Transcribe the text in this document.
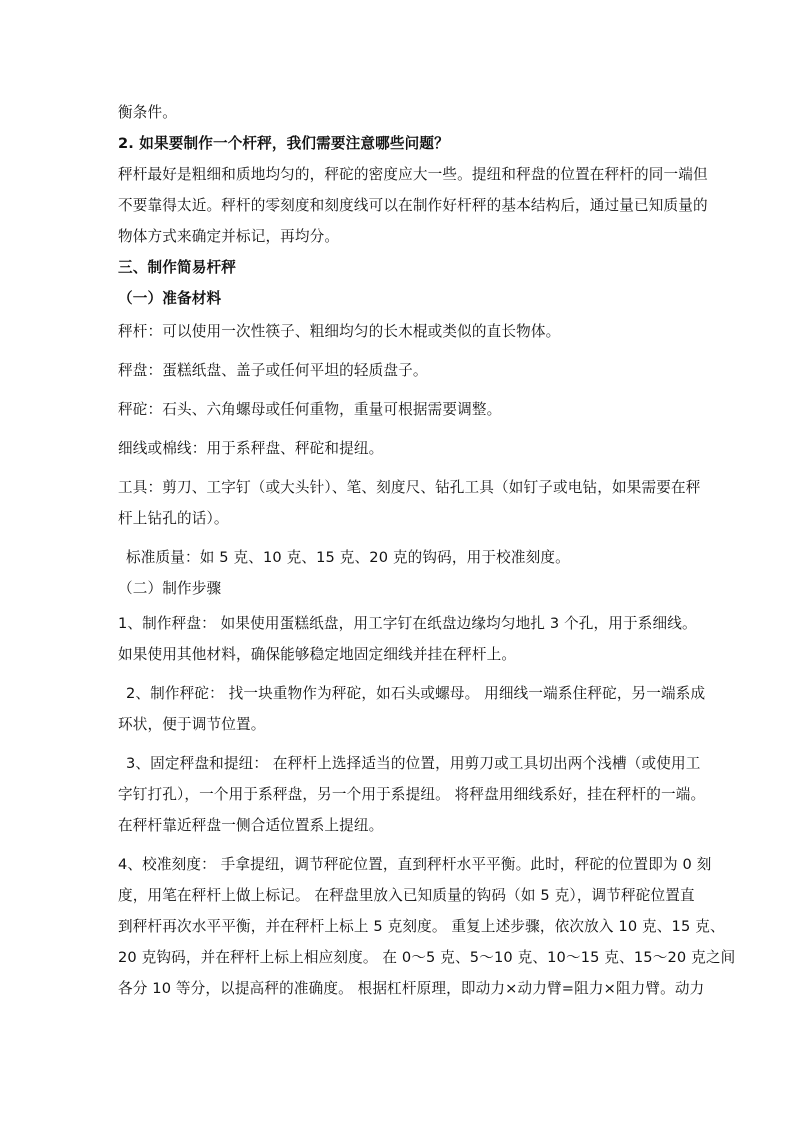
衡条件。
2. 如果要制作一个杆秤，我们需要注意哪些问题？
秤杆最好是粗细和质地均匀的，秤砣的密度应大一些。提纽和秤盘的位置在秤杆的同一端但
不要靠得太近。秤杆的零刻度和刻度线可以在制作好杆秤的基本结构后，通过量已知质量的
物体方式来确定并标记，再均分。
三、制作简易杆秤
（一）准备材料
秤杆：可以使用一次性筷子、粗细均匀的长木棍或类似的直长物体。
秤盘：蛋糕纸盘、盖子或任何平坦的轻质盘子。
秤砣：石头、六角螺母或任何重物，重量可根据需要调整。
细线或棉线：用于系秤盘、秤砣和提纽。
工具：剪刀、工字钉（或大头针）、笔、刻度尺、钻孔工具（如钉子或电钻，如果需要在秤
杆上钻孔的话）。
标准质量：如 5 克、10 克、15 克、20 克的钩码，用于校准刻度。
（二）制作步骤
1、制作秤盘： 如果使用蛋糕纸盘，用工字钉在纸盘边缘均匀地扎 3 个孔，用于系细线。
如果使用其他材料，确保能够稳定地固定细线并挂在秤杆上。
2、制作秤砣： 找一块重物作为秤砣，如石头或螺母。 用细线一端系住秤砣，另一端系成
环状，便于调节位置。
3、固定秤盘和提纽： 在秤杆上选择适当的位置，用剪刀或工具切出两个浅槽（或使用工
字钉打孔），一个用于系秤盘，另一个用于系提纽。 将秤盘用细线系好，挂在秤杆的一端。
在秤杆靠近秤盘一侧合适位置系上提纽。
4、校准刻度： 手拿提纽，调节秤砣位置，直到秤杆水平平衡。此时，秤砣的位置即为 0 刻
度，用笔在秤杆上做上标记。 在秤盘里放入已知质量的钩码（如 5 克），调节秤砣位置直
到秤杆再次水平平衡，并在秤杆上标上 5 克刻度。 重复上述步骤，依次放入 10 克、15 克、
20 克钩码，并在秤杆上标上相应刻度。 在 0～5 克、5～10 克、10～15 克、15～20 克之间
各分 10 等分，以提高秤的准确度。 根据杠杆原理，即动力×动力臂=阻力×阻力臂。动力
